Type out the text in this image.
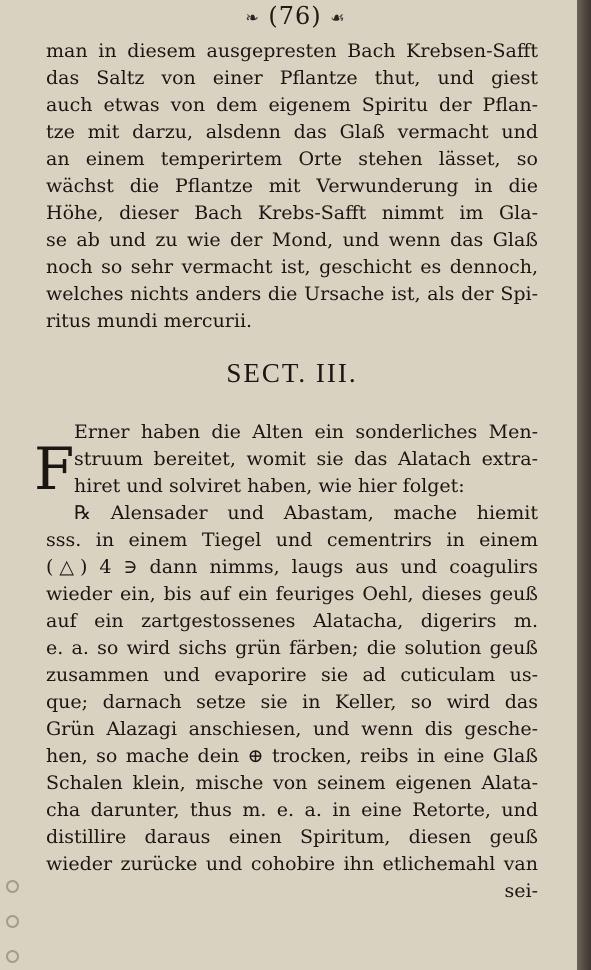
❧ (76) ☙
man in diesem ausgepresten Bach Krebsen-Safft
das Saltz von einer Pflantze thut, und giest
auch etwas von dem eigenem Spiritu der Pflan-
tze mit darzu, alsdenn das Glaß vermacht und
an einem temperirtem Orte stehen lässet, so
wächst die Pflantze mit Verwunderung in die
Höhe, dieser Bach Krebs-Safft nimmt im Gla-
se ab und zu wie der Mond, und wenn das Glaß
noch so sehr vermacht ist, geschicht es dennoch,
welches nichts anders die Ursache ist, als der Spi-
ritus mundi mercurii.
SECT. III.
Erner haben die Alten ein sonderliches Men-
struum bereitet, womit sie das Alatach extra-
hiret und solviret haben, wie hier folget:
℞ Alensader und Abastam, mache hiemit
sss. in einem Tiegel und cementrirs in einem
(△) 4 ∋ dann nimms, laugs aus und coagulirs
wieder ein, bis auf ein feuriges Oehl, dieses geuß
auf ein zartgestossenes Alatacha, digerirs m.
e. a. so wird sichs grün färben; die solution geuß
zusammen und evaporire sie ad cuticulam us-
que; darnach setze sie in Keller, so wird das
Grün Alazagi anschiesen, und wenn dis gesche-
hen, so mache dein ⊕ trocken, reibs in eine Glaß
Schalen klein, mische von seinem eigenen Alata-
cha darunter, thus m. e. a. in eine Retorte, und
distillire daraus einen Spiritum, diesen geuß
wieder zurücke und cohobire ihn etlichemahl van
sei-
F
